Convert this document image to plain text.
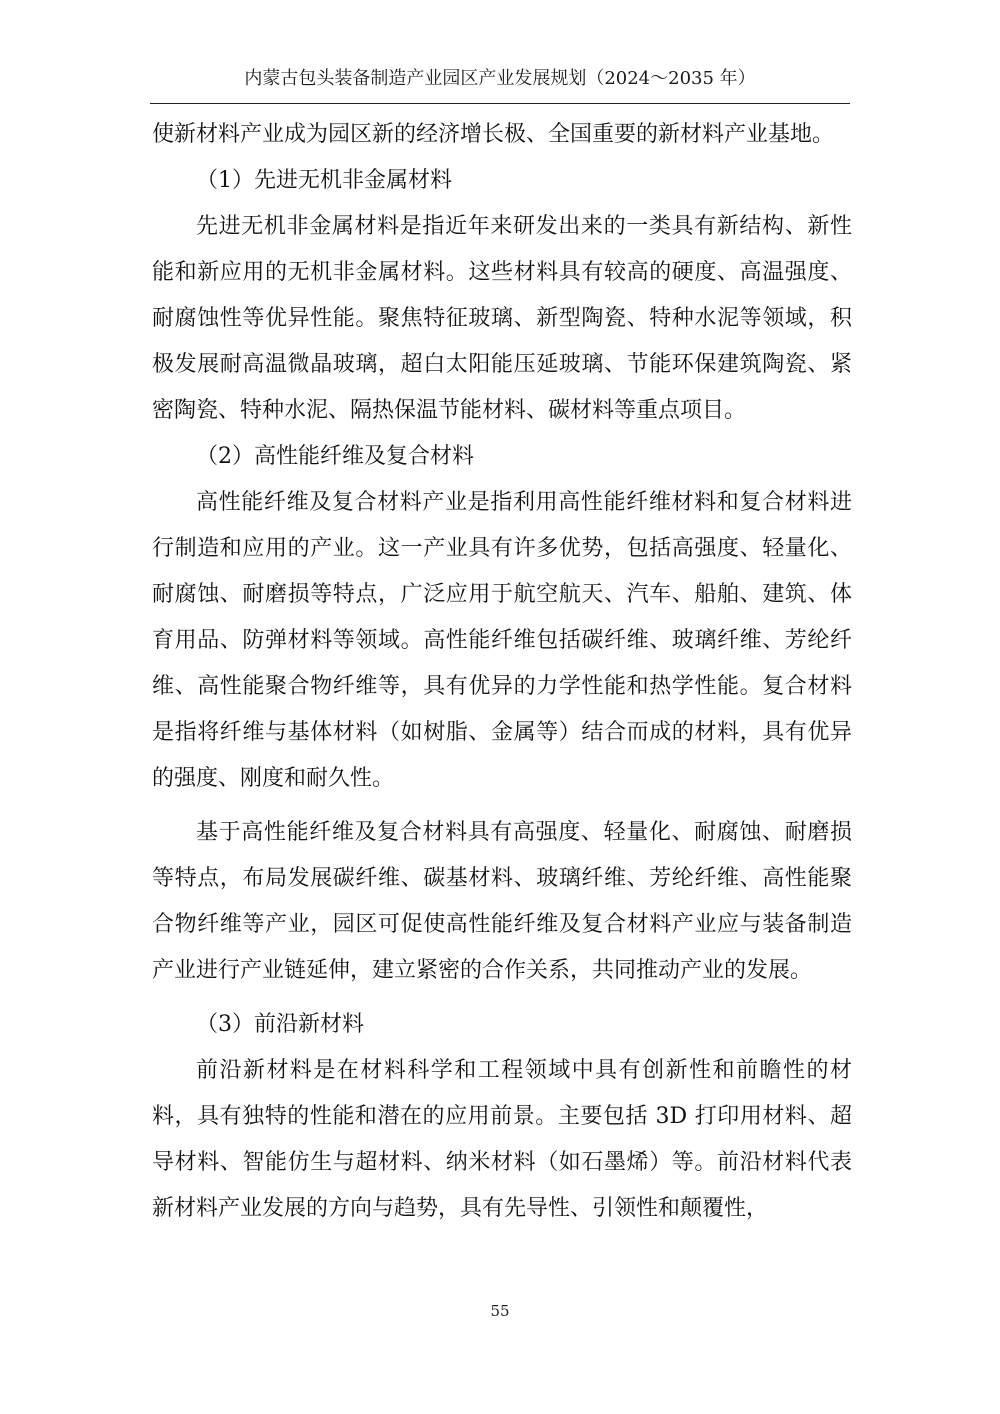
内蒙古包头装备制造产业园区产业发展规划（2024～2035 年）

使新材料产业成为园区新的经济增长极、全国重要的新材料产业基地。

（1）先进无机非金属材料

先进无机非金属材料是指近年来研发出来的一类具有新结构、新性能和新应用的无机非金属材料。这些材料具有较高的硬度、高温强度、耐腐蚀性等优异性能。聚焦特征玻璃、新型陶瓷、特种水泥等领域，积极发展耐高温微晶玻璃，超白太阳能压延玻璃、节能环保建筑陶瓷、紧密陶瓷、特种水泥、隔热保温节能材料、碳材料等重点项目。

（2）高性能纤维及复合材料

高性能纤维及复合材料产业是指利用高性能纤维材料和复合材料进行制造和应用的产业。这一产业具有许多优势，包括高强度、轻量化、耐腐蚀、耐磨损等特点，广泛应用于航空航天、汽车、船舶、建筑、体育用品、防弹材料等领域。高性能纤维包括碳纤维、玻璃纤维、芳纶纤维、高性能聚合物纤维等，具有优异的力学性能和热学性能。复合材料是指将纤维与基体材料（如树脂、金属等）结合而成的材料，具有优异的强度、刚度和耐久性。

基于高性能纤维及复合材料具有高强度、轻量化、耐腐蚀、耐磨损等特点，布局发展碳纤维、碳基材料、玻璃纤维、芳纶纤维、高性能聚合物纤维等产业，园区可促使高性能纤维及复合材料产业应与装备制造产业进行产业链延伸，建立紧密的合作关系，共同推动产业的发展。

（3）前沿新材料

前沿新材料是在材料科学和工程领域中具有创新性和前瞻性的材料，具有独特的性能和潜在的应用前景。主要包括 3D 打印用材料、超导材料、智能仿生与超材料、纳米材料（如石墨烯）等。前沿材料代表新材料产业发展的方向与趋势，具有先导性、引领性和颠覆性，

55
